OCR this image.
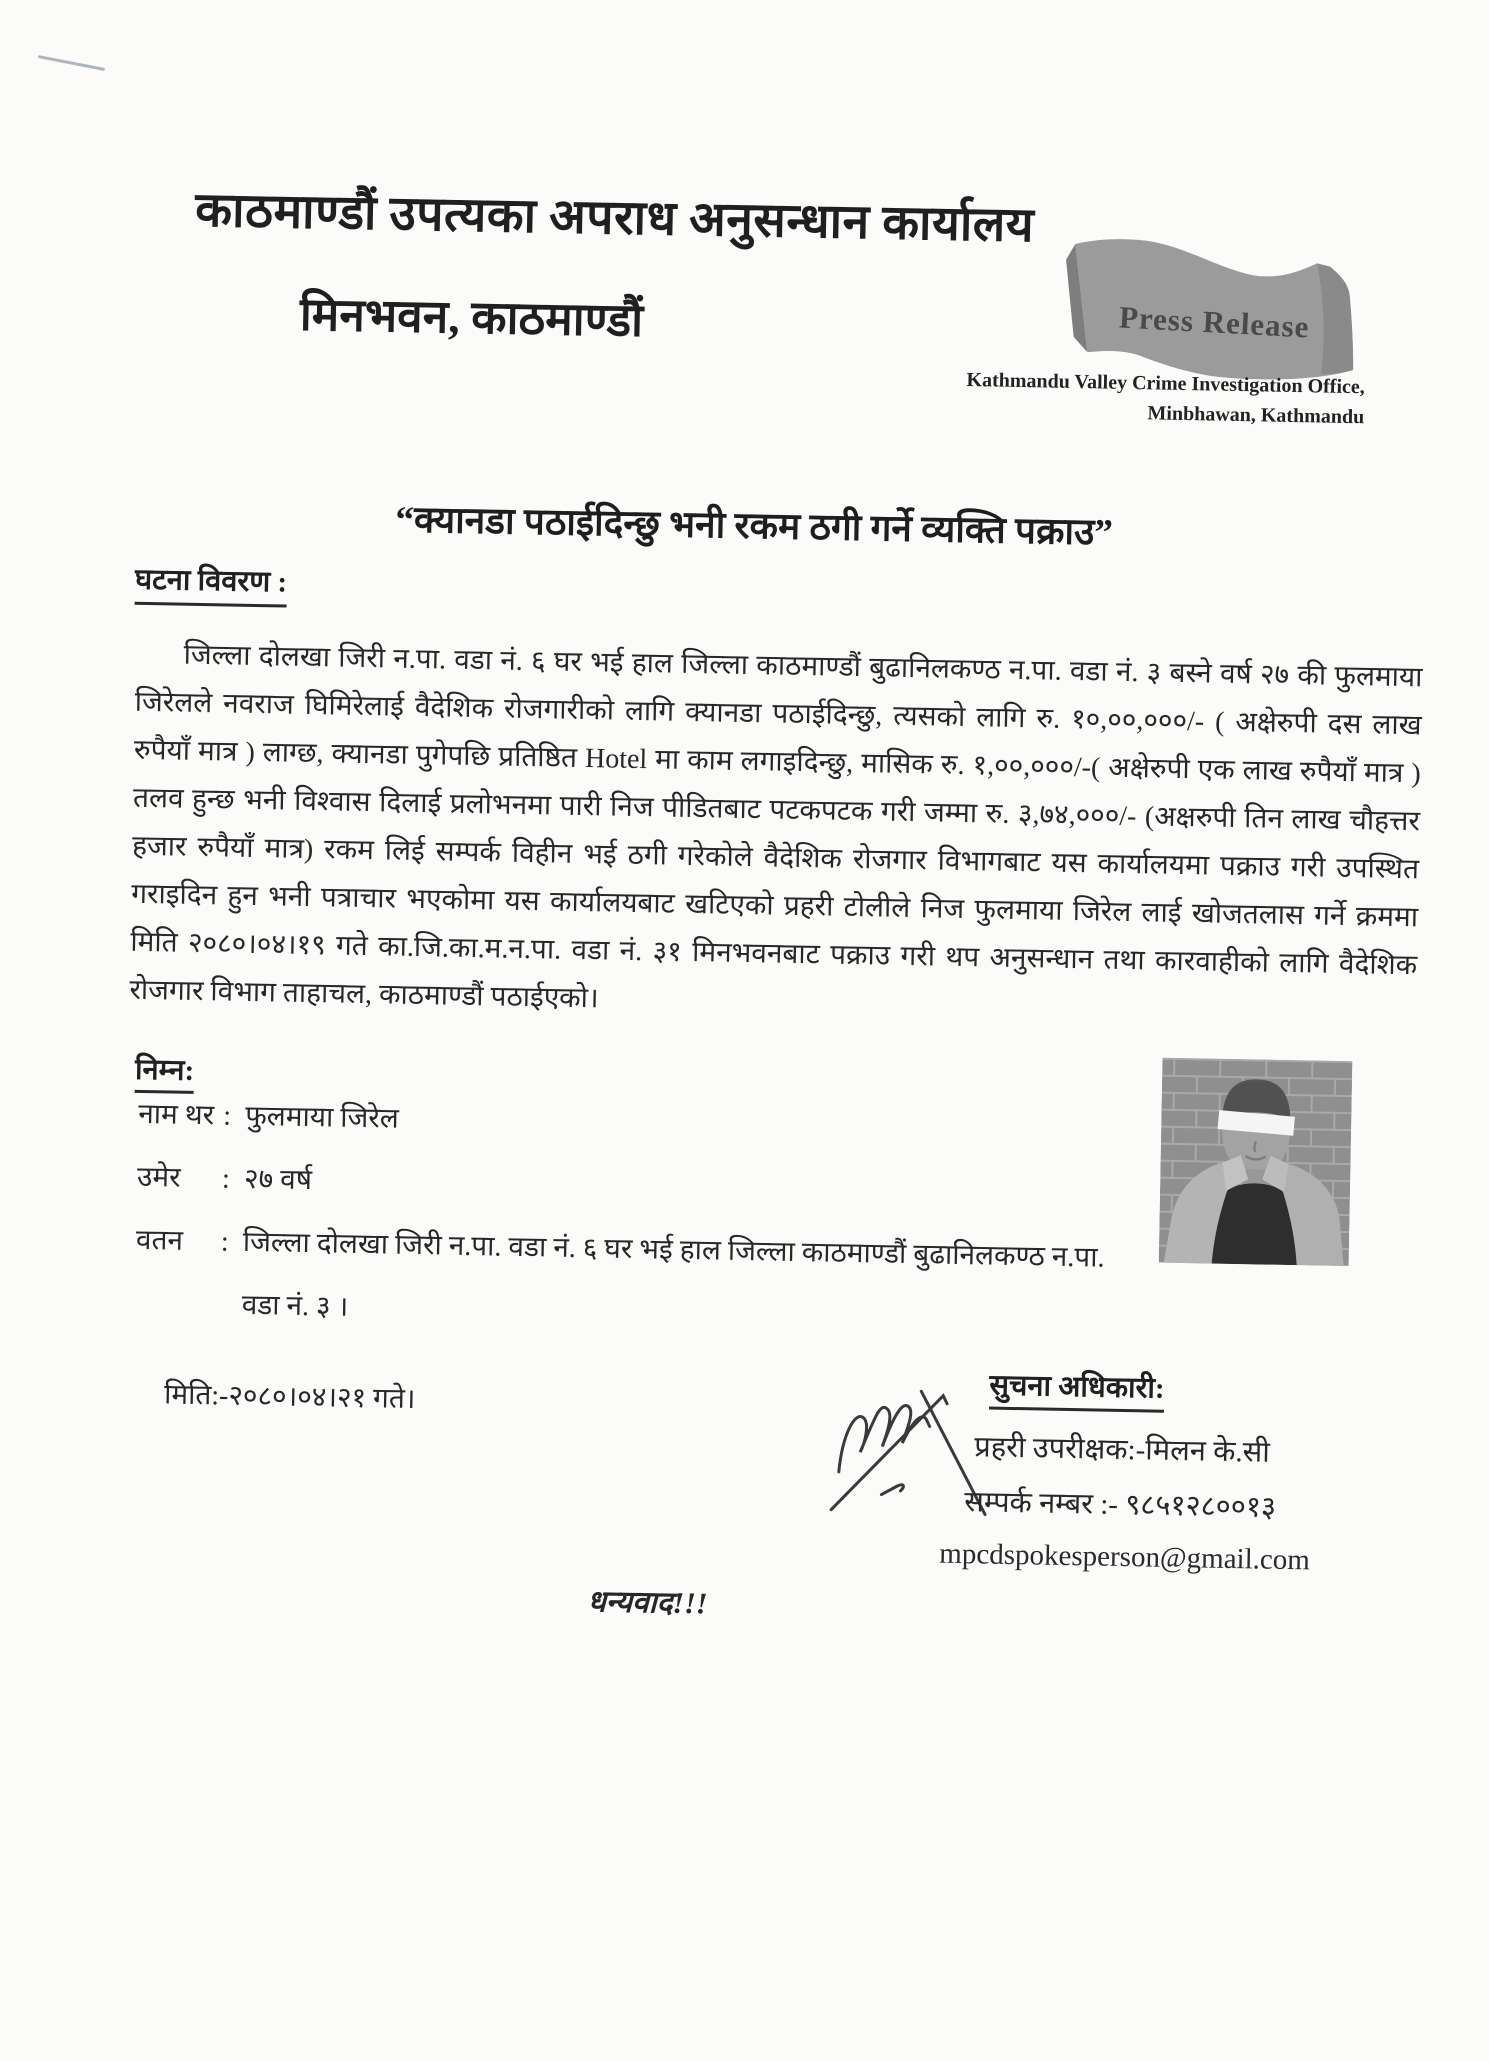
काठमाण्डौं उपत्यका अपराध अनुसन्धान कार्यालय
मिनभवन, काठमाण्डौं	Press Release
Kathmandu Valley Crime Investigation Office,
Minbhawan, Kathmandu
“क्यानडा पठाईदिन्छु भनी रकम ठगी गर्ने व्यक्ति पक्राउ”
घटना विवरण :

जिल्ला दोलखा जिरी न.पा. वडा नं. ६ घर भई हाल जिल्ला काठमाण्डौं बुढानिलकण्ठ न.पा. वडा नं. ३ बस्ने वर्ष २७ की फुलमाया जिरेलले नवराज घिमिरेलाई वैदेशिक रोजगारीको लागि क्यानडा पठाईदिन्छु, त्यसको लागि रु. १०,००,०००/- ( अक्षेरुपी दस लाख रुपैयाँ मात्र ) लाग्छ, क्यानडा पुगेपछि प्रतिष्ठित Hotel मा काम लगाइदिन्छु, मासिक रु. १,००,०००/-( अक्षेरुपी एक लाख रुपैयाँ मात्र ) तलव हुन्छ भनी विश्वास दिलाई प्रलोभनमा पारी निज पीडितबाट पटकपटक गरी जम्मा रु. ३,७४,०००/- (अक्षरुपी तिन लाख चौहत्तर हजार रुपैयाँ मात्र) रकम लिई सम्पर्क विहीन भई ठगी गरेकोले वैदेशिक रोजगार विभागबाट यस कार्यालयमा पक्राउ गरी उपस्थित गराइदिन हुन भनी पत्राचार भएकोमा यस कार्यालयबाट खटिएको प्रहरी टोलीले निज फुलमाया जिरेल लाई खोजतलास गर्ने क्रममा मिति २०८०।०४।१९ गते का.जि.का.म.न.पा. वडा नं. ३१ मिनभवनबाट पक्राउ गरी थप अनुसन्धान तथा कारवाहीको लागि वैदेशिक रोजगार विभाग ताहाचल, काठमाण्डौं पठाईएको।

निम्न:
नाम थर : फुलमाया जिरेल
उमेर	: २७ वर्ष
वतन	: जिल्ला दोलखा जिरी न.पा. वडा नं. ६ घर भई हाल जिल्ला काठमाण्डौं बुढानिलकण्ठ न.पा.
वडा नं. ३ ।
मिति:-२०८०।०४।२१ गते।	सुचना अधिकारी:
प्रहरी उपरीक्षक:-मिलन के.सी
सम्पर्क नम्बर :- ९८५१२८००१३
mpcdspokesperson@gmail.com
धन्यवाद!!!
